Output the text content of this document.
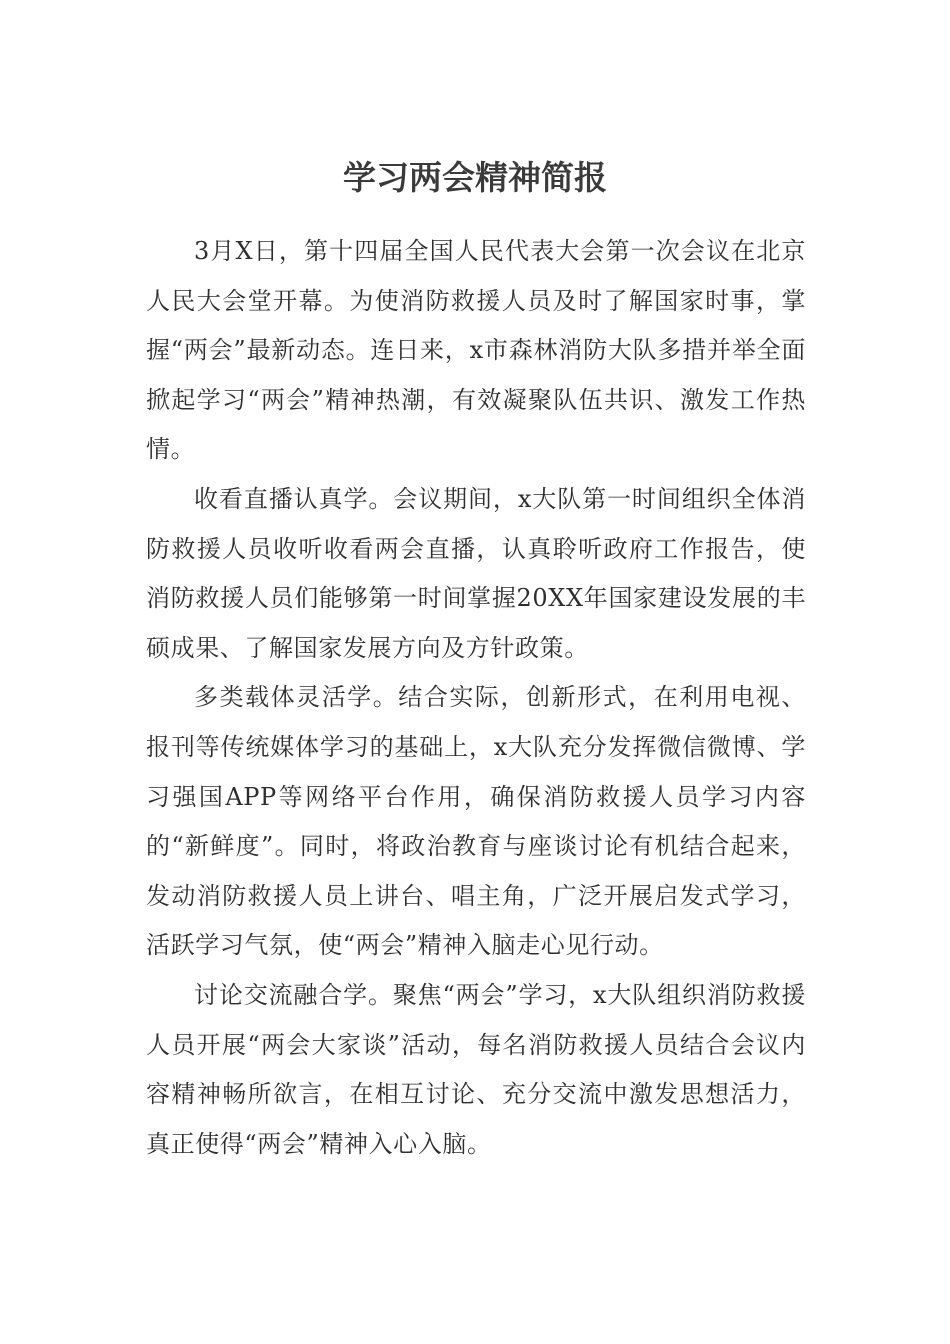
学习两会精神简报

3月X日，第十四届全国人民代表大会第一次会议在北京人民大会堂开幕。为使消防救援人员及时了解国家时事，掌握“两会”最新动态。连日来，x市森林消防大队多措并举全面掀起学习“两会”精神热潮，有效凝聚队伍共识、激发工作热情。

收看直播认真学。会议期间，x大队第一时间组织全体消防救援人员收听收看两会直播，认真聆听政府工作报告，使消防救援人员们能够第一时间掌握20XX年国家建设发展的丰硕成果、了解国家发展方向及方针政策。

多类载体灵活学。结合实际，创新形式，在利用电视、报刊等传统媒体学习的基础上，x大队充分发挥微信微博、学习强国APP等网络平台作用，确保消防救援人员学习内容的“新鲜度”。同时，将政治教育与座谈讨论有机结合起来，发动消防救援人员上讲台、唱主角，广泛开展启发式学习，活跃学习气氛，使“两会”精神入脑走心见行动。

讨论交流融合学。聚焦“两会”学习，x大队组织消防救援人员开展“两会大家谈”活动，每名消防救援人员结合会议内容精神畅所欲言，在相互讨论、充分交流中激发思想活力，真正使得“两会”精神入心入脑。
